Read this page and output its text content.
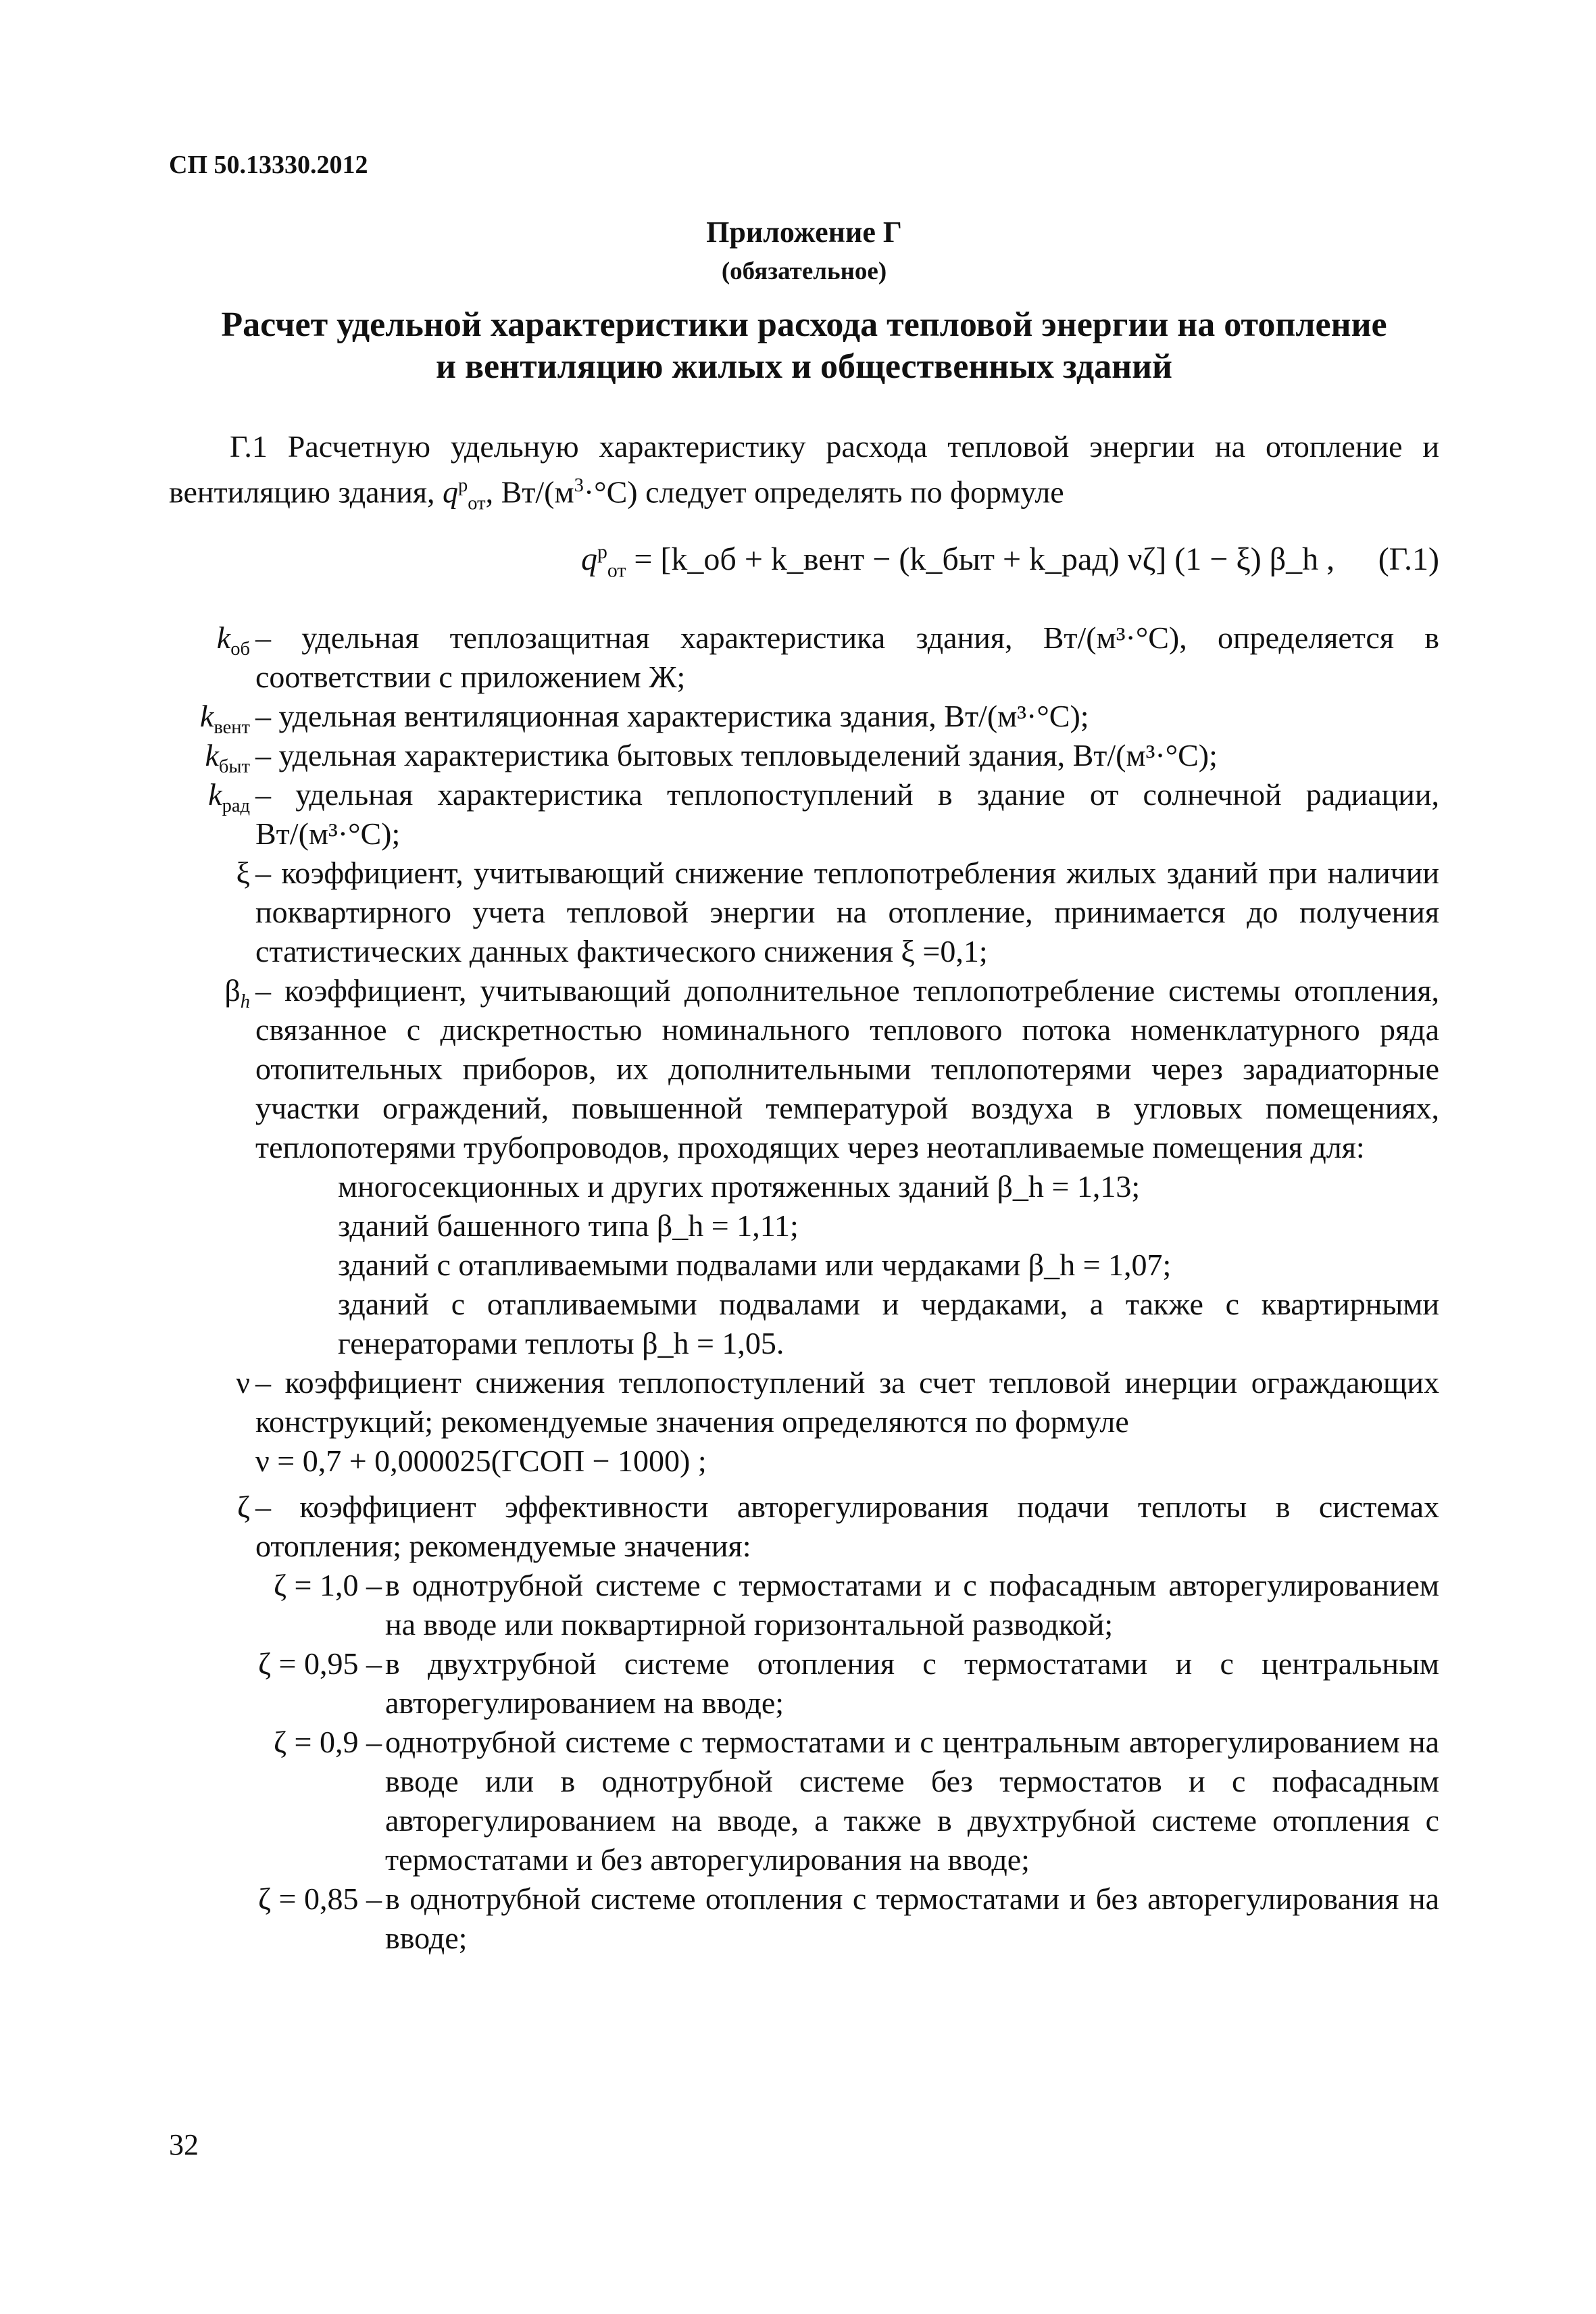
СП 50.13330.2012
Приложение Г
(обязательное)
Расчет удельной характеристики расхода тепловой энергии на отопление
и вентиляцию жилых и общественных зданий
Г.1 Расчетную удельную характеристику расхода тепловой энергии на отопление и вентиляцию здания, $q^р_{от}$, $Вт/(м^3\cdot^\circ С)$ следует определять по формуле
$q^р_{от}$ = [k_об + k_вент − (k_быт + k_рад) νζ] (1 − ξ) β_h , (Г.1)
$k_{об}$ – удельная теплозащитная характеристика здания, Вт/(м³·°С), определяется в соответствии с приложением Ж;
$k_{вент}$ – удельная вентиляционная характеристика здания, Вт/(м³·°С);
$k_{быт}$ – удельная характеристика бытовых тепловыделений здания, Вт/(м³·°С);
$k_{рад}$ – удельная характеристика теплопоступлений в здание от солнечной радиации, Вт/(м³·°С);
ξ – коэффициент, учитывающий снижение теплопотребления жилых зданий при наличии поквартирного учета тепловой энергии на отопление, принимается до получения статистических данных фактического снижения ξ =0,1;
$\beta_h$ – коэффициент, учитывающий дополнительное теплопотребление системы отопления, связанное с дискретностью номинального теплового потока номенклатурного ряда отопительных приборов, их дополнительными теплопотерями через зарадиаторные участки ограждений, повышенной температурой воздуха в угловых помещениях, теплопотерями трубопроводов, проходящих через неотапливаемые помещения для:
многосекционных и других протяженных зданий β_h = 1,13;
зданий башенного типа β_h = 1,11;
зданий с отапливаемыми подвалами или чердаками β_h = 1,07;
зданий с отапливаемыми подвалами и чердаками, а также с квартирными генераторами теплоты β_h = 1,05.
ν – коэффициент снижения теплопоступлений за счет тепловой инерции ограждающих конструкций; рекомендуемые значения определяются по формуле
ν = 0,7 + 0,000025(ГСОП − 1000) ;
ζ – коэффициент эффективности авторегулирования подачи теплоты в системах отопления; рекомендуемые значения:
ζ = 1,0 – в однотрубной системе с термостатами и с пофасадным авторегулированием на вводе или поквартирной горизонтальной разводкой;
ζ = 0,95 – в двухтрубной системе отопления с термостатами и с центральным авторегулированием на вводе;
ζ = 0,9 – однотрубной системе с термостатами и с центральным авторегулированием на вводе или в однотрубной системе без термостатов и с пофасадным авторегулированием на вводе, а также в двухтрубной системе отопления с термостатами и без авторегулирования на вводе;
ζ = 0,85 – в однотрубной системе отопления с термостатами и без авторегулирования на вводе;
32
